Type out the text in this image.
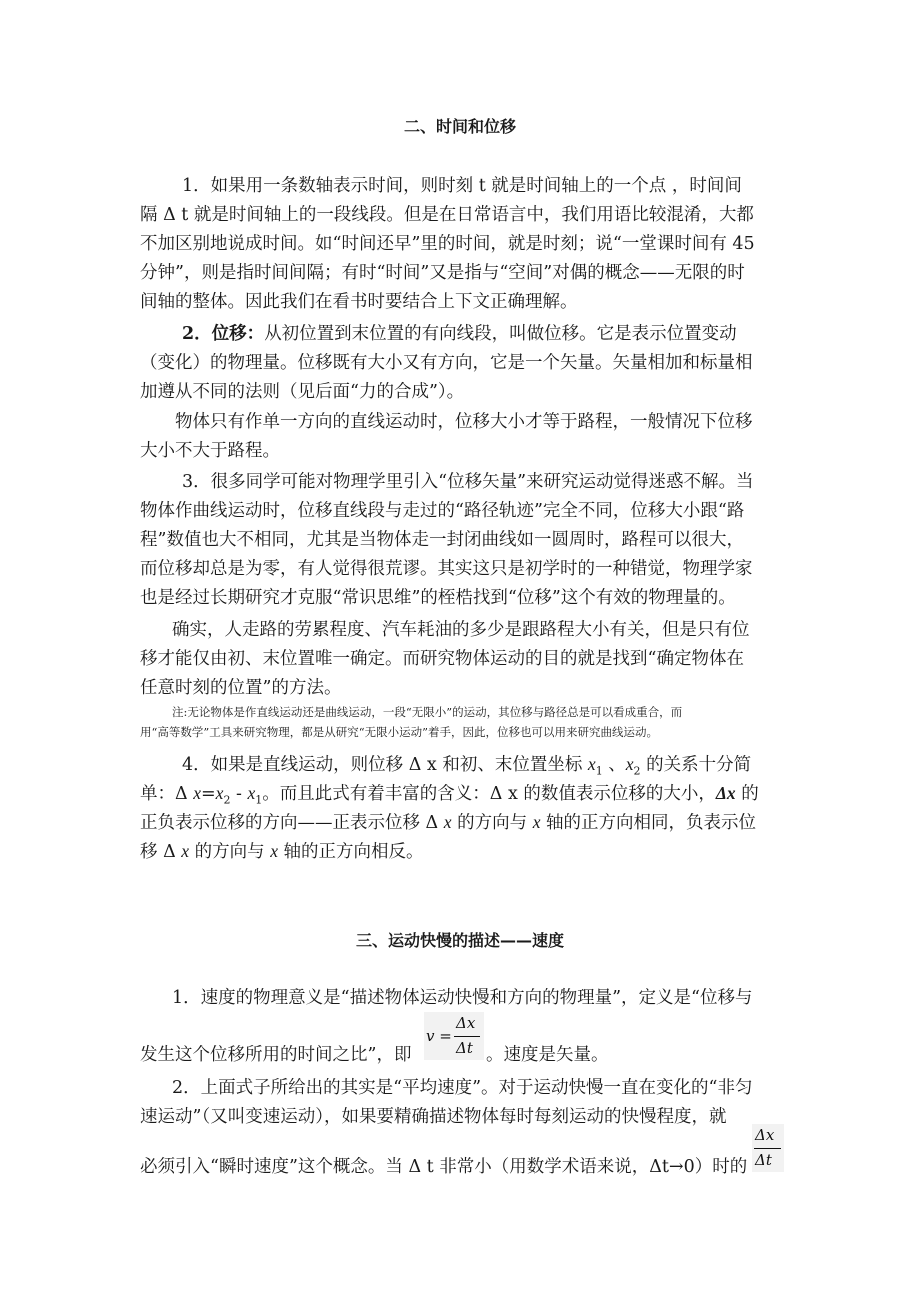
二、时间和位移
1．如果用一条数轴表示时间，则时刻 t 就是时间轴上的一个点 ，时间间
隔 Δ t 就是时间轴上的一段线段。但是在日常语言中，我们用语比较混淆，大都
不加区别地说成时间。如“时间还早”里的时间，就是时刻；说“一堂课时间有 45
分钟”，则是指时间间隔；有时“时间”又是指与“空间”对偶的概念——无限的时
间轴的整体。因此我们在看书时要结合上下文正确理解。
2．位移：从初位置到末位置的有向线段，叫做位移。它是表示位置变动
（变化）的物理量。位移既有大小又有方向，它是一个矢量。矢量相加和标量相
加遵从不同的法则（见后面“力的合成”）。
物体只有作单一方向的直线运动时，位移大小才等于路程，一般情况下位移
大小不大于路程。
3．很多同学可能对物理学里引入“位移矢量”来研究运动觉得迷惑不解。当
物体作曲线运动时，位移直线段与走过的“路径轨迹”完全不同，位移大小跟“路
程”数值也大不相同，尤其是当物体走一封闭曲线如一圆周时，路程可以很大，
而位移却总是为零，有人觉得很荒谬。其实这只是初学时的一种错觉，物理学家
也是经过长期研究才克服“常识思维”的桎梏找到“位移”这个有效的物理量的。
确实，人走路的劳累程度、汽车耗油的多少是跟路程大小有关，但是只有位
移才能仅由初、末位置唯一确定。而研究物体运动的目的就是找到“确定物体在
任意时刻的位置”的方法。
注:无论物体是作直线运动还是曲线运动，一段“无限小”的运动，其位移与路径总是可以看成重合，而
用“高等数学”工具来研究物理，都是从研究“无限小运动”着手，因此，位移也可以用来研究曲线运动。
4．如果是直线运动，则位移 Δ x 和初、末位置坐标 $x_1$ 、$x_2$ 的关系十分简
单：Δ $x=x_2 - x_1$。而且此式有着丰富的含义：Δ x 的数值表示位移的大小，Δx 的
正负表示位移的方向——正表示位移 Δ x 的方向与 x 轴的正方向相同，负表示位
移 Δ x 的方向与 x 轴的正方向相反。
三、运动快慢的描述——速度
1．速度的物理意义是“描述物体运动快慢和方向的物理量”，定义是“位移与
发生这个位移所用的时间之比”，即
v =
Δx
Δt 。速度是矢量。
2．上面式子所给出的其实是“平均速度”。对于运动快慢一直在变化的“非匀
速运动”（又叫变速运动），如果要精确描述物体每时每刻运动的快慢程度，就
必须引入“瞬时速度”这个概念。当 Δ t 非常小（用数学术语来说，Δt→0）时的
Δx
Δt
